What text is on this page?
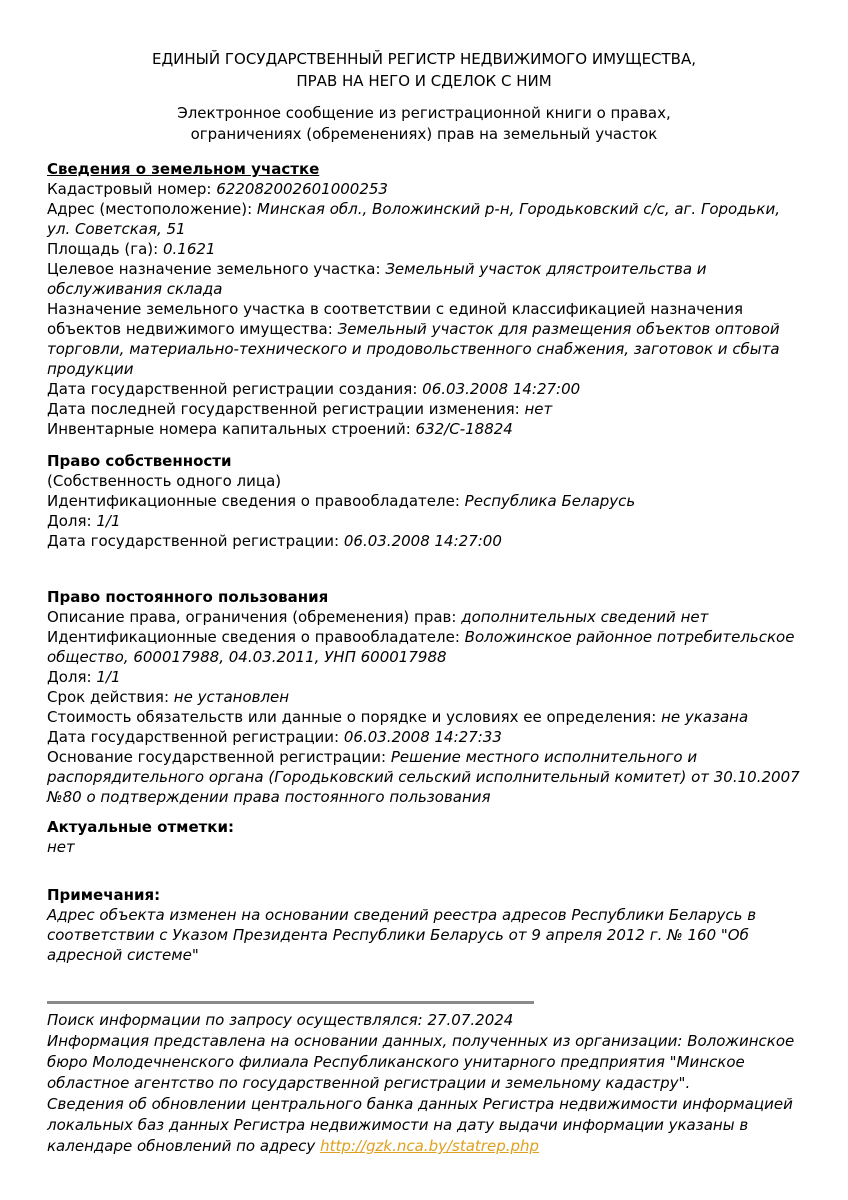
ЕДИНЫЙ ГОСУДАРСТВЕННЫЙ РЕГИСТР НЕДВИЖИМОГО ИМУЩЕСТВА,
ПРАВ НА НЕГО И СДЕЛОК С НИМ
Электронное сообщение из регистрационной книги о правах,
ограничениях (обременениях) прав на земельный участок
Сведения о земельном участке

Кадастровый номер: 622082002601000253

Адрес (местоположение): Минская обл., Воложинский р-н, Городьковский с/с, аг. Городьки, ул. Советская, 51

Площадь (га): 0.1621

Целевое назначение земельного участка: Земельный участок длястроительства и обслуживания склада

Назначение земельного участка в соответствии с единой классификацией назначения объектов недвижимого имущества: Земельный участок для размещения объектов оптовой торговли, материально-технического и продовольственного снабжения, заготовок и сбыта продукции

Дата государственной регистрации создания: 06.03.2008 14:27:00

Дата последней государственной регистрации изменения: нет

Инвентарные номера капитальных строений: 632/С-18824

Право собственности

(Собственность одного лица)

Идентификационные сведения о правообладателе: Республика Беларусь

Доля: 1/1

Дата государственной регистрации: 06.03.2008 14:27:00

Право постоянного пользования

Описание права, ограничения (обременения) прав: дополнительных сведений нет

Идентификационные сведения о правообладателе: Воложинское районное потребительское общество, 600017988, 04.03.2011, УНП 600017988

Доля: 1/1

Срок действия: не установлен

Стоимость обязательств или данные о порядке и условиях ее определения: не указана

Дата государственной регистрации: 06.03.2008 14:27:33

Основание государственной регистрации: Решение местного исполнительного и распорядительного органа (Городьковский сельский исполнительный комитет) от 30.10.2007 №80 о подтверждении права постоянного пользования

Актуальные отметки:

нет

Примечания:

Адрес объекта изменен на основании сведений реестра адресов Республики Беларусь в соответствии с Указом Президента Республики Беларусь от 9 апреля 2012 г. № 160 "Об адресной системе"

Поиск информации по запросу осуществлялся: 27.07.2024

Информация представлена на основании данных, полученных из организации: Воложинское бюро Молодечненского филиала Республиканского унитарного предприятия "Минское областное агентство по государственной регистрации и земельному кадастру".

Сведения об обновлении центрального банка данных Регистра недвижимости информацией локальных баз данных Регистра недвижимости на дату выдачи информации указаны в календаре обновлений по адресу http://gzk.nca.by/statrep.php
